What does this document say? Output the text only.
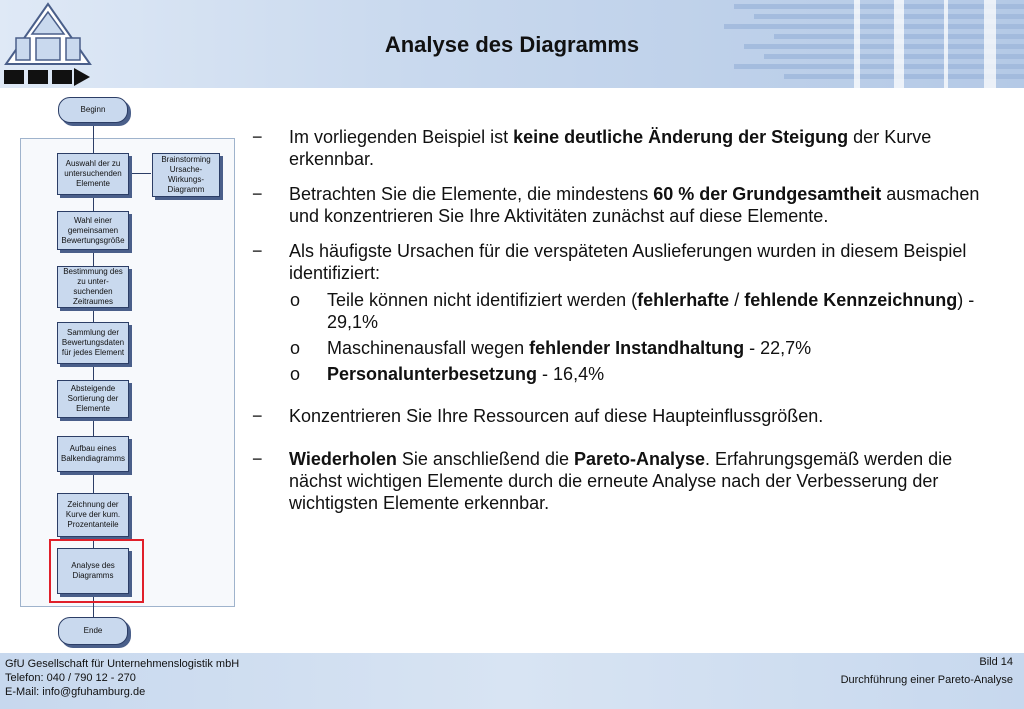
Analyse des Diagramms
Beginn
Auswahl der zu untersuchenden Elemente
Brainstorming Ursache-Wirkungs-Diagramm
Wahl einer gemeinsamen Bewertungsgröße
Bestimmung des zu unter-suchenden Zeitraumes
Sammlung der Bewertungsdaten für jedes Element
Absteigende Sortierung der Elemente
Aufbau eines Balkendiagramms
Zeichnung der Kurve der kum. Prozentanteile
Analyse des Diagramms
Ende
− Im vorliegenden Beispiel ist keine deutliche Änderung der Steigung der Kurve erkennbar.
− Betrachten Sie die Elemente, die mindestens 60 % der Grundgesamtheit ausmachen und konzentrieren Sie Ihre Aktivitäten zunächst auf diese Elemente.
− Als häufigste Ursachen für die verspäteten Auslieferungen wurden in diesem Beispiel identifiziert:
o Teile können nicht identifiziert werden (fehlerhafte / fehlende Kennzeichnung) - 29,1%
o Maschinenausfall wegen fehlender Instandhaltung - 22,7%
o Personalunterbesetzung - 16,4%
− Konzentrieren Sie Ihre Ressourcen auf diese Haupteinflussgrößen.
− Wiederholen Sie anschließend die Pareto-Analyse. Erfahrungsgemäß werden die nächst wichtigen Elemente durch die erneute Analyse nach der Verbesserung der wichtigsten Elemente erkennbar.
GfU Gesellschaft für Unternehmenslogistik mbH
Telefon: 040 / 790 12 - 270
E-Mail: info@gfuhamburg.de
Bild 14
Durchführung einer Pareto-Analyse
